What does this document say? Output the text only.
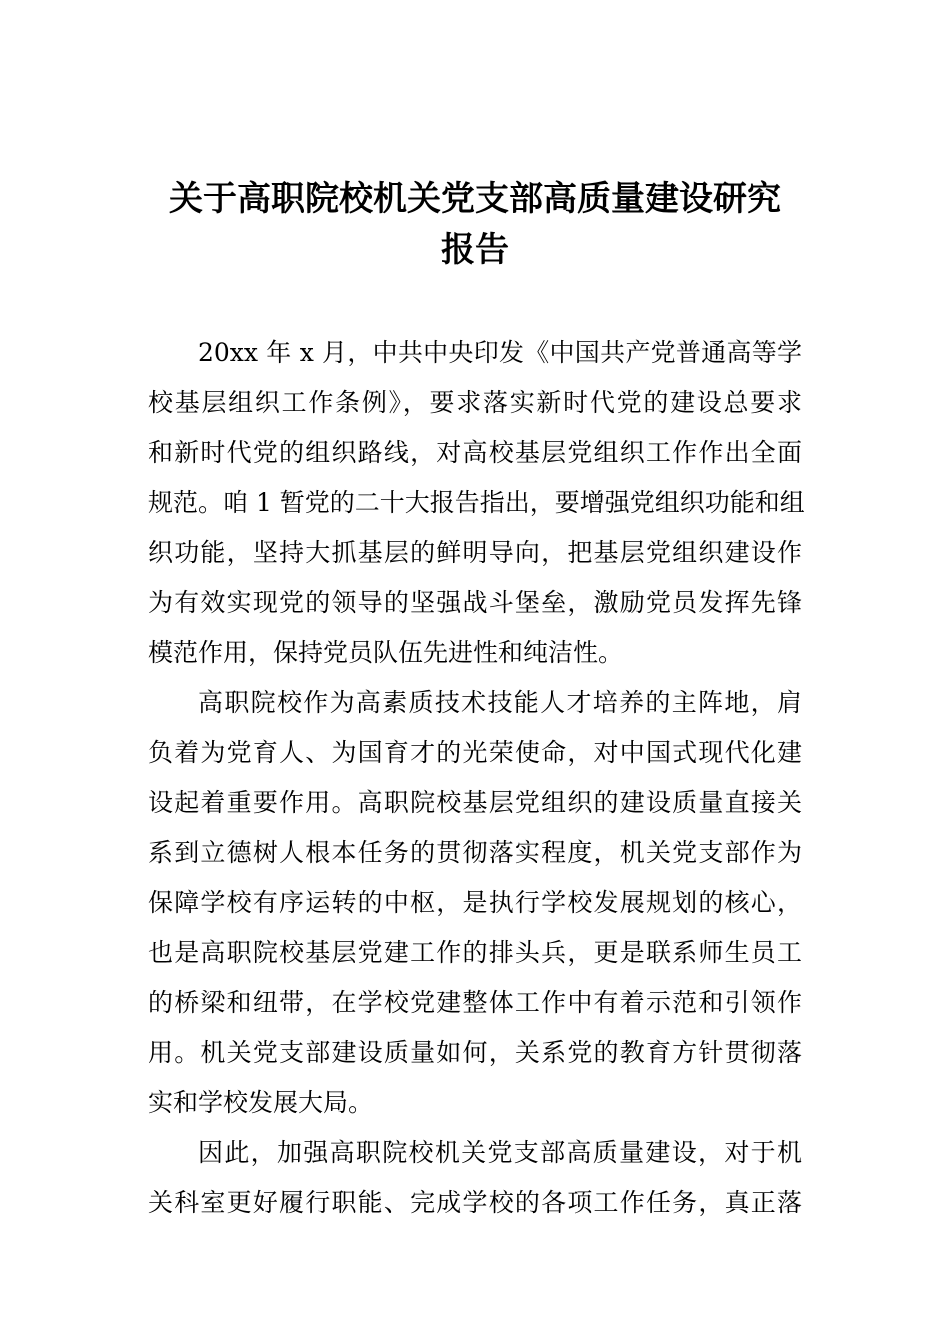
关于高职院校机关党支部高质量建设研究
报告

20xx 年 x 月，中共中央印发《中国共产党普通高等学
校基层组织工作条例》，要求落实新时代党的建设总要求
和新时代党的组织路线，对高校基层党组织工作作出全面
规范。咱 1 暂党的二十大报告指出，要增强党组织功能和组
织功能，坚持大抓基层的鲜明导向，把基层党组织建设作
为有效实现党的领导的坚强战斗堡垒，激励党员发挥先锋
模范作用，保持党员队伍先进性和纯洁性。

高职院校作为高素质技术技能人才培养的主阵地，肩
负着为党育人、为国育才的光荣使命，对中国式现代化建
设起着重要作用。高职院校基层党组织的建设质量直接关
系到立德树人根本任务的贯彻落实程度，机关党支部作为
保障学校有序运转的中枢，是执行学校发展规划的核心，
也是高职院校基层党建工作的排头兵，更是联系师生员工
的桥梁和纽带，在学校党建整体工作中有着示范和引领作
用。机关党支部建设质量如何，关系党的教育方针贯彻落
实和学校发展大局。

因此，加强高职院校机关党支部高质量建设，对于机
关科室更好履行职能、完成学校的各项工作任务，真正落
